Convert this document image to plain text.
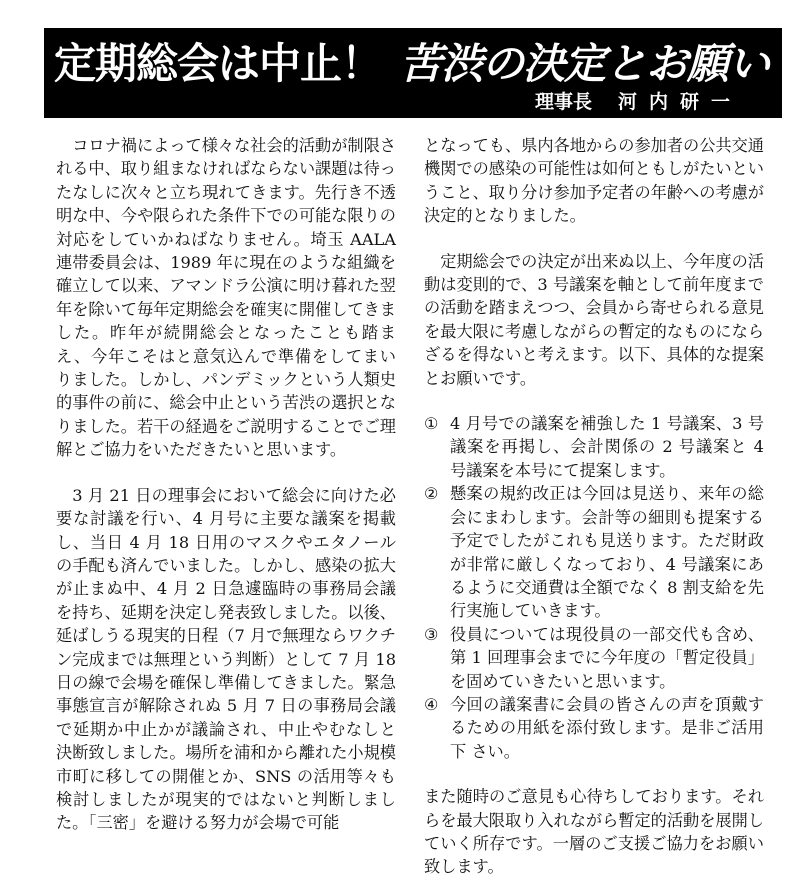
定期総会は中止！ 苦渋の決定とお願い
理事長 河内研一

　コロナ禍によって様々な社会的活動が制限される中、取り組まなければならない課題は待ったなしに次々と立ち現れてきます。先行き不透明な中、今や限られた条件下での可能な限りの対応をしていかねばなりません。埼玉 AALA 連帯委員会は、1989 年に現在のような組織を確立して以来、アマンドラ公演に明け暮れた翌年を除いて毎年定期総会を確実に開催してきました。昨年が続開総会となったことも踏まえ、今年こそはと意気込んで準備をしてまいりました。しかし、パンデミックという人類史的事件の前に、総会中止という苦渋の選択となりました。若干の経過をご説明することでご理解とご協力をいただきたいと思います。

　3 月 21 日の理事会において総会に向けた必要な討議を行い、4 月号に主要な議案を掲載し、当日 4 月 18 日用のマスクやエタノールの手配も済んでいました。しかし、感染の拡大が止まぬ中、4 月 2 日急遽臨時の事務局会議を持ち、延期を決定し発表致しました。以後、延ばしうる現実的日程（7 月で無理ならワクチン完成までは無理という判断）として 7 月 18 日の線で会場を確保し準備してきました。緊急事態宣言が解除されぬ 5 月 7 日の事務局会議で延期か中止かが議論され、中止やむなしと決断致しました。場所を浦和から離れた小規模市町に移しての開催とか、SNS の活用等々も検討しましたが現実的ではないと判断しました。「三密」を避ける努力が会場で可能

となっても、県内各地からの参加者の公共交通機関での感染の可能性は如何ともしがたいということ、取り分け参加予定者の年齢への考慮が決定的となりました。

　定期総会での決定が出来ぬ以上、今年度の活動は変則的で、3 号議案を軸として前年度までの活動を踏まえつつ、会員から寄せられる意見を最大限に考慮しながらの暫定的なものにならざるを得ないと考えます。以下、具体的な提案とお願いです。

① 4 月号での議案を補強した 1 号議案、3 号議案を再掲し、会計関係の 2 号議案と 4 号議案を本号にて提案します。
② 懸案の規約改正は今回は見送り、来年の総会にまわします。会計等の細則も提案する予定でしたがこれも見送ります。ただ財政が非常に厳しくなっており、4 号議案にあるように交通費は全額でなく 8 割支給を先行実施していきます。
③ 役員については現役員の一部交代も含め、第 1 回理事会までに今年度の「暫定役員」を固めていきたいと思います。
④ 今回の議案書に会員の皆さんの声を頂戴するための用紙を添付致します。是非ご活用下 さい。

また随時のご意見も心待ちしております。それらを最大限取り入れながら暫定的活動を展開していく所存です。一層のご支援ご協力をお願い致します。
